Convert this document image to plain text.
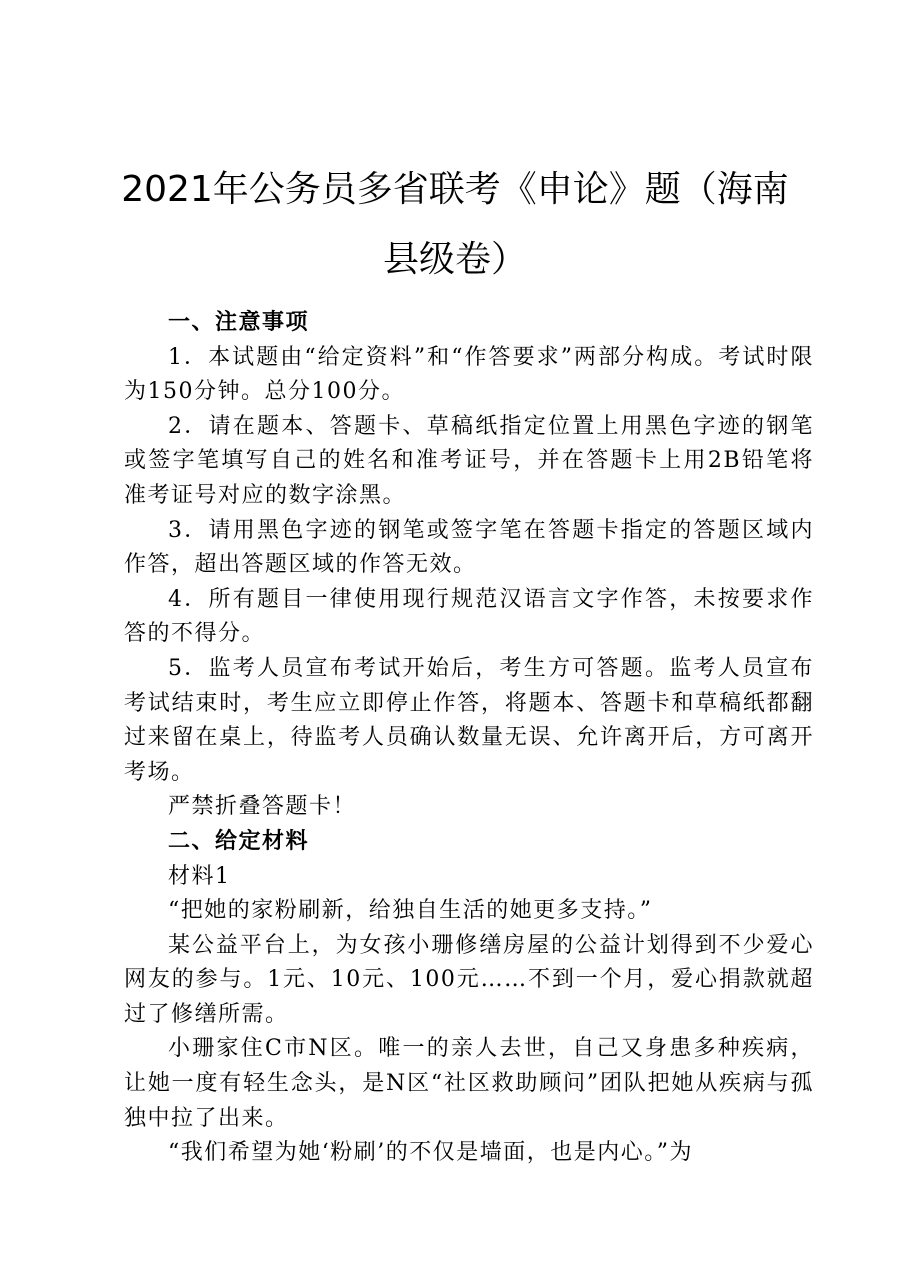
2021年公务员多省联考《申论》题（海南县级卷）

一、注意事项

1．本试题由“给定资料”和“作答要求”两部分构成。考试时限为150分钟。总分100分。

2．请在题本、答题卡、草稿纸指定位置上用黑色字迹的钢笔或签字笔填写自己的姓名和准考证号，并在答题卡上用2B铅笔将准考证号对应的数字涂黑。

3．请用黑色字迹的钢笔或签字笔在答题卡指定的答题区域内作答，超出答题区域的作答无效。

4．所有题目一律使用现行规范汉语言文字作答，未按要求作答的不得分。

5．监考人员宣布考试开始后，考生方可答题。监考人员宣布考试结束时，考生应立即停止作答，将题本、答题卡和草稿纸都翻过来留在桌上，待监考人员确认数量无误、允许离开后，方可离开考场。

严禁折叠答题卡！

二、给定材料

材料1

“把她的家粉刷新，给独自生活的她更多支持。”

某公益平台上，为女孩小珊修缮房屋的公益计划得到不少爱心网友的参与。1元、10元、100元……不到一个月，爱心捐款就超过了修缮所需。

小珊家住C市N区。唯一的亲人去世，自己又身患多种疾病，让她一度有轻生念头，是N区“社区救助顾问”团队把她从疾病与孤独中拉了出来。

“我们希望为她‘粉刷’的不仅是墙面，也是内心。”为
